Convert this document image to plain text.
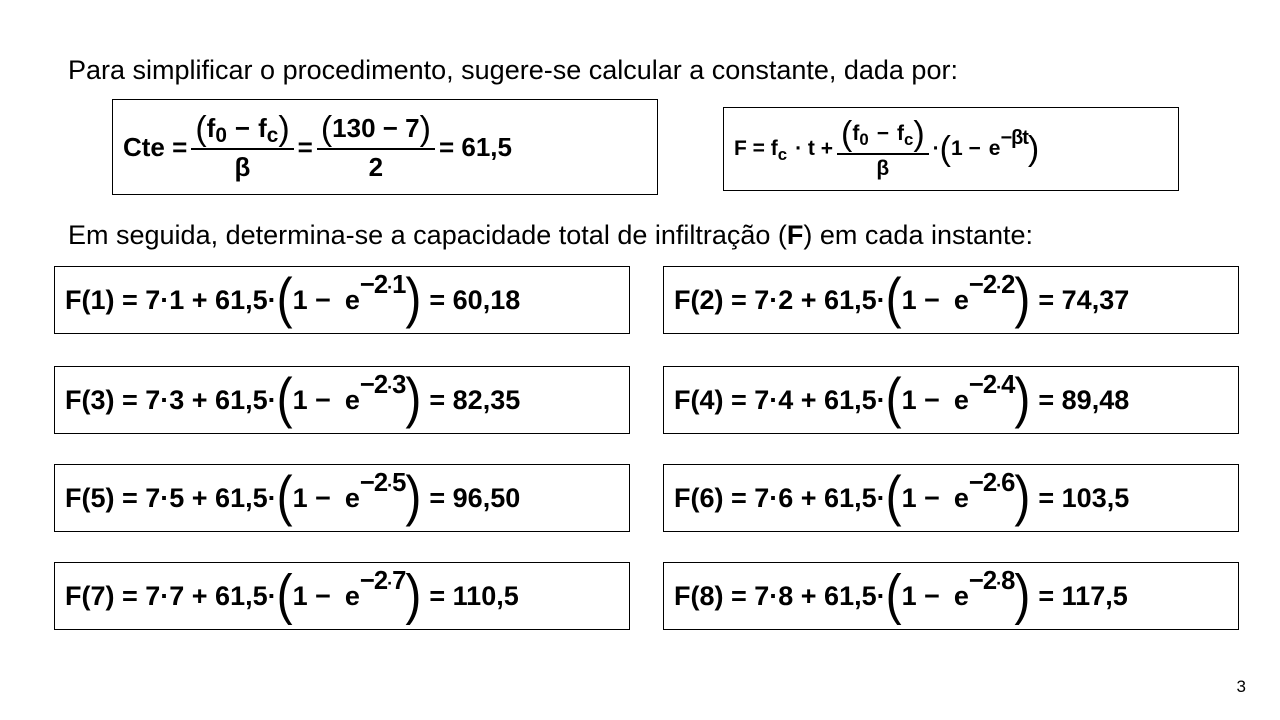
Para simplificar o procedimento, sugere-se calcular a constante, dada por:
Cte = $\frac{\text{( f 0 − f c )}}{\beta} = \frac{( 130 - 7 )}{2} = 61,5$	F = f $c \cdot t + \frac{\text{( f 0 − f c )}}{\beta}$ · ( 1 − e −βt )
Em seguida, determina-se a capacidade total de infiltração (F) em cada instante:
F(1) = 7·1 + 61,5· ( 1 − e −2·1 ) = 60,18	F(2) = 7·2 + 61,5· ( 1 − e −2·2 ) = 74,37
F(3) = 7·3 + 61,5· ( 1 − e −2·3 ) = 82,35	F(4) = 7·4 + 61,5· ( 1 − e −2·4 ) = 89,48
F(5) = 7·5 + 61,5· ( 1 − e −2·5 ) = 96,50	F(6) = 7·6 + 61,5· ( 1 − e −2·6 ) = 103,5
F(7) = 7·7 + 61,5· ( 1 − e −2·7 ) = 110,5	F(8) = 7·8 + 61,5· ( 1 − e −2·8 ) = 117,5
3
